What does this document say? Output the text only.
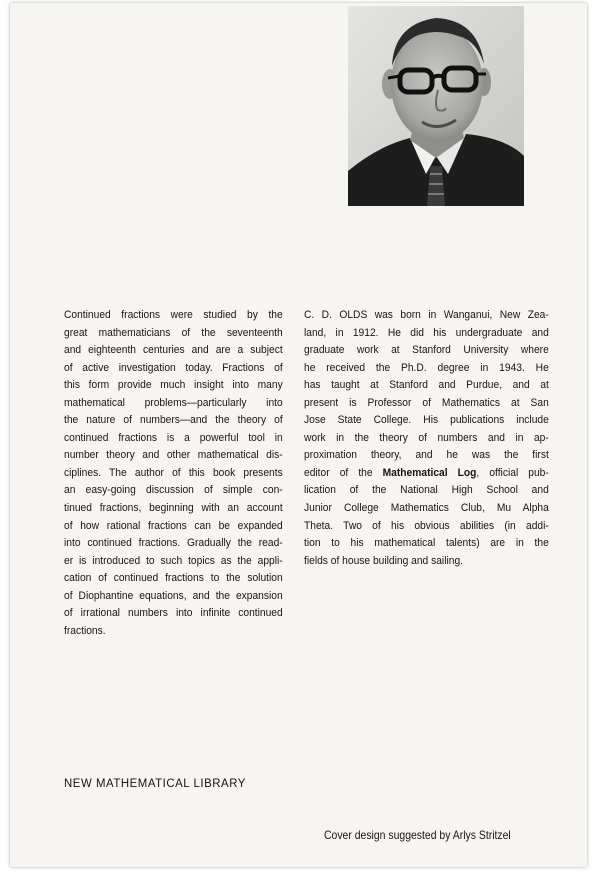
Continued fractions were studied by the
great mathematicians of the seventeenth
and eighteenth centuries and are a subject
of active investigation today. Fractions of
this form provide much insight into many
mathematical problems—particularly into
the nature of numbers—and the theory of
continued fractions is a powerful tool in
number theory and other mathematical dis-
ciplines. The author of this book presents
an easy-going discussion of simple con-
tinued fractions, beginning with an account
of how rational fractions can be expanded
into continued fractions. Gradually the read-
er is introduced to such topics as the appli-
cation of continued fractions to the solution
of Diophantine equations, and the expansion
of irrational numbers into infinite continued
fractions.
C. D. OLDS was born in Wanganui, New Zea-
land, in 1912. He did his undergraduate and
graduate work at Stanford University where
he received the Ph.D. degree in 1943. He
has taught at Stanford and Purdue, and at
present is Professor of Mathematics at San
Jose State College. His publications include
work in the theory of numbers and in ap-
proximation theory, and he was the first
editor of the Mathematical Log, official pub-
lication of the National High School and
Junior College Mathematics Club, Mu Alpha
Theta. Two of his obvious abilities (in addi-
tion to his mathematical talents) are in the
fields of house building and sailing.
NEW MATHEMATICAL LIBRARY
Cover design suggested by Arlys Stritzel
